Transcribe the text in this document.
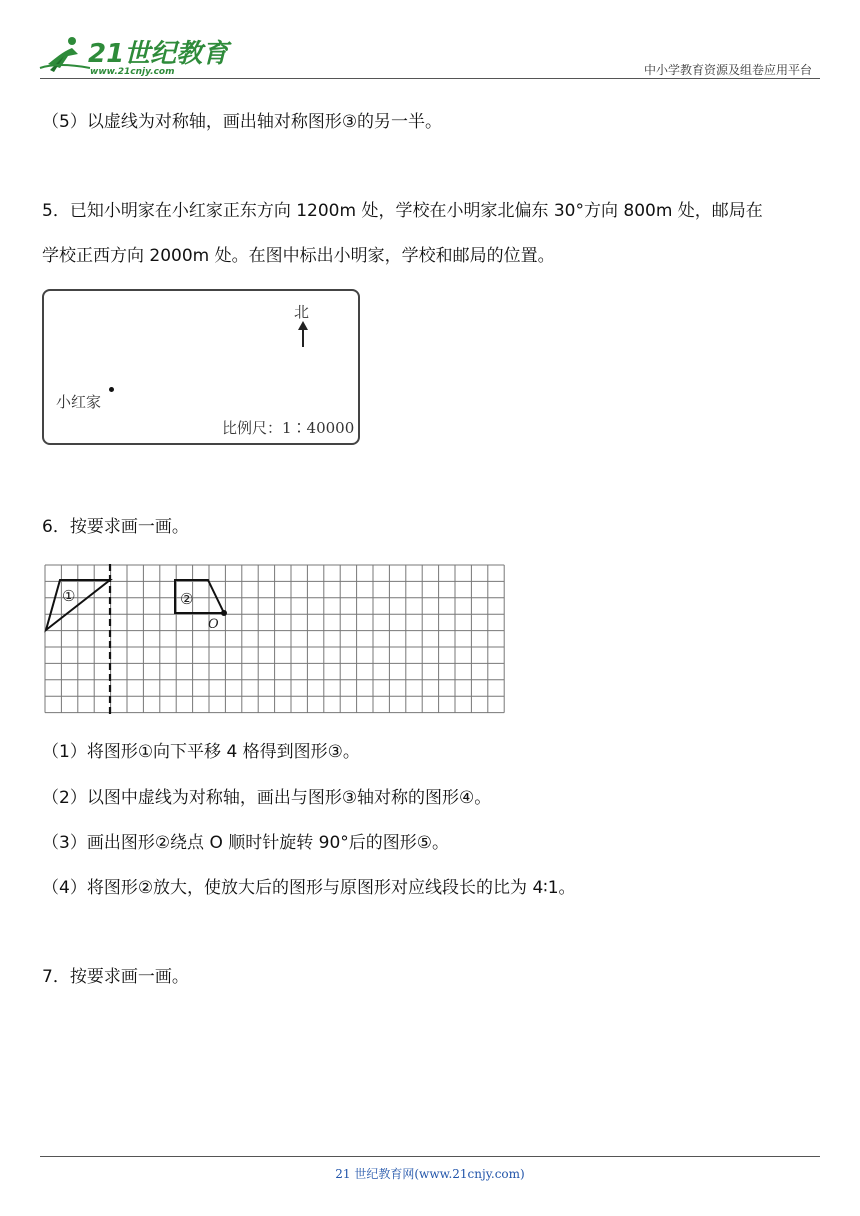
21世纪教育
www.21cnjy.com	中小学教育资源及组卷应用平台
（5）以虚线为对称轴，画出轴对称图形③的另一半。
5．已知小明家在小红家正东方向 1200m 处，学校在小明家北偏东 30°方向 800m 处，邮局在
学校正西方向 2000m 处。在图中标出小明家，学校和邮局的位置。
北
小红家
比例尺：1∶40000
6．按要求画一画。
①	②
O
（1）将图形①向下平移 4 格得到图形③。
（2）以图中虚线为对称轴，画出与图形③轴对称的图形④。
（3）画出图形②绕点 O 顺时针旋转 90°后的图形⑤。
（4）将图形②放大，使放大后的图形与原图形对应线段长的比为 4∶1。
7．按要求画一画。
21 世纪教育网(www.21cnjy.com)
